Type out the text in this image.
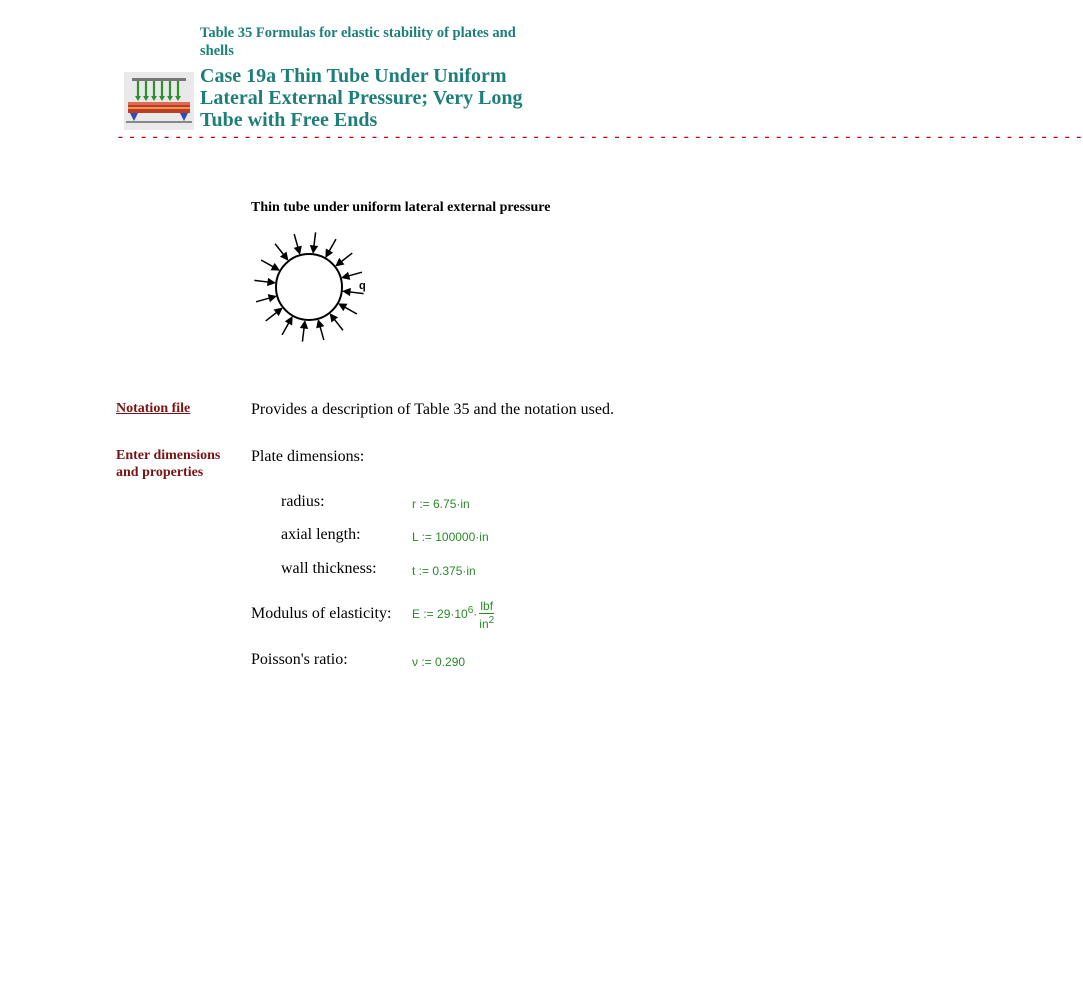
Table 35 Formulas for elastic stability of plates and shells
Case 19a Thin Tube Under Uniform Lateral External Pressure; Very Long Tube with Free Ends
- - - - - - - - - - - - - - - - - - - - - - - - - - - - - - - - - - - - - - - - - - - - - - - - - - - - - - - - - - - - - - - - - - - - - - - - - - - - - - - - - - - -
Thin tube under uniform lateral external pressure
q
Notation file	Provides a description of Table 35 and the notation used.
Enter dimensions
and properties
Plate dimensions:
radius:	r := 6.75·in
axial length:	L := 100000·in
wall thickness:	t := 0.375·in
Modulus of elasticity: E := $29\cdot 10^6\cdot \frac{\text{lbf}}{in^2}$
Poisson's ratio:	ν := 0.290
